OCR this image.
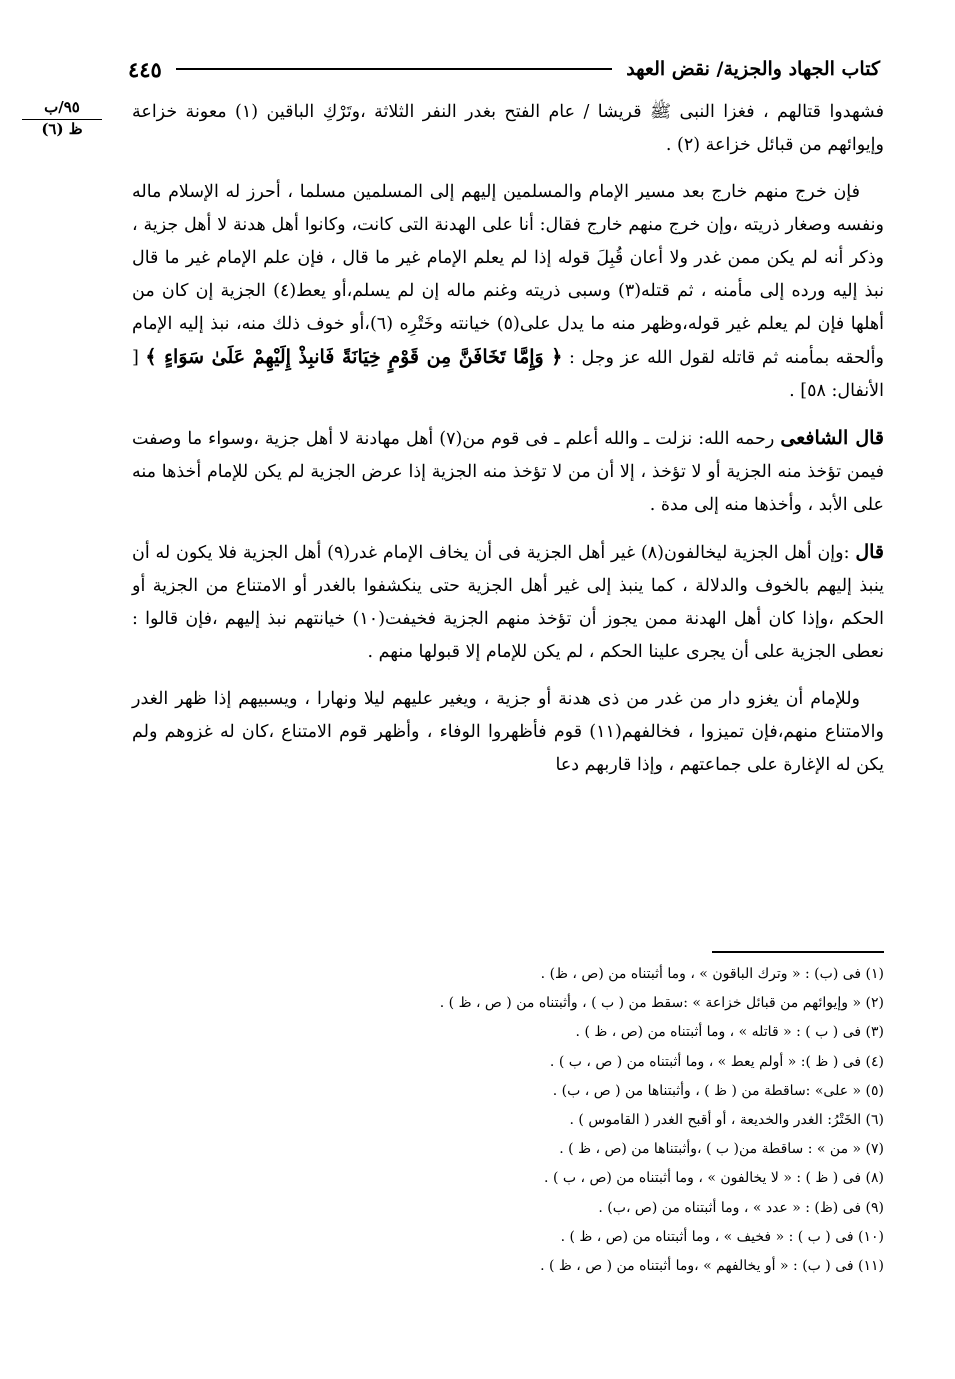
كتاب الجهاد والجزية/ نقض العهد
٤٤٥
٩٥/ب
ظ (٦)

فشهدوا قتالهم ، فغزا النبى ﷺ قريشا / عام الفتح بغدر النفر الثلاثة ،وتَرْكِ الباقين (١) معونة خزاعة وإيوائهم من قبائل خزاعة (٢) .

فإن خرج منهم خارج بعد مسير الإمام والمسلمين إليهم إلى المسلمين مسلما ، أحرز له الإسلام ماله ونفسه وصغار ذريته ،وإن خرج منهم خارج فقال: أنا على الهدنة التى كانت، وكانوا أهل هدنة لا أهل جزية ، وذكر أنه لم يكن ممن غدر ولا أعان قُبِلَ قوله إذا لم يعلم الإمام غير ما قال ، فإن علم الإمام غير ما قال نبذ إليه ورده إلى مأمنه ، ثم قتله(٣) وسبى ذريته وغنم ماله إن لم يسلم،أو يعط(٤) الجزية إن كان من أهلها فإن لم يعلم غير قوله،وظهر منه ما يدل على(٥) خيانته وخَتْرِه (٦)،أو خوف ذلك منه، نبذ إليه الإمام وألحقه بمأمنه ثم قاتله لقول الله عز وجل : ﴿ وَإِمَّا تَخَافَنَّ مِن قَوْمٍ خِيَانَةً فَانبِذْ إِلَيْهِمْ عَلَىٰ سَوَاءٍ ﴾ [ الأنفال: ٥٨] .

قال الشافعى رحمه الله: نزلت ـ والله أعلم ـ فى قوم من(٧) أهل مهادنة لا أهل جزية ،وسواء ما وصفت فيمن تؤخذ منه الجزية أو لا تؤخذ ، إلا أن من لا تؤخذ منه الجزية إذا عرض الجزية لم يكن للإمام أخذها منه على الأبد ، وأخذها منه إلى مدة .

قال :وإن أهل الجزية ليخالفون(٨) غير أهل الجزية فى أن يخاف الإمام غدر(٩) أهل الجزية فلا يكون له أن ينبذ إليهم بالخوف والدلالة ، كما ينبذ إلى غير أهل الجزية حتى ينكشفوا بالغدر أو الامتناع من الجزية أو الحكم ،وإذا كان أهل الهدنة ممن يجوز أن تؤخذ منهم الجزية فخيفت(١٠) خيانتهم نبذ إليهم ،فإن قالوا : نعطى الجزية على أن يجرى علينا الحكم ، لم يكن للإمام إلا قبولها منهم .

وللإمام أن يغزو دار من غدر من ذى هدنة أو جزية ، ويغير عليهم ليلا ونهارا ، ويسبيهم إذا ظهر الغدر والامتناع منهم،فإن تميزوا ، فخالفهم(١١) قوم فأظهروا الوفاء ، وأظهر قوم الامتناع ،كان له غزوهم ولم يكن له الإغارة على جماعتهم ، وإذا قاربهم دعا

(١) فى (ب) : « وترك الباقون » ، وما أثبتناه من (ص ، ظ) .
(٢) « وإيوائهم من قبائل خزاعة » :سقط من ( ب ) ، وأثبتناه من ( ص ، ظ ) .
(٣) فى ( ب ) : « قاتله » ، وما أثبتناه من (ص ، ظ ) .
(٤) فى ( ظ ): « أولم يعط » ، وما أثبتناه من ( ص ، ب ) .
(٥) « على» :ساقطة من ( ظ ) ، وأثبتناها من ( ص ، ب) .
(٦) الخَتْرُ: الغدر والخديعة ، أو أقبح الغدر ( القاموس ) .
(٧) « من » : ساقطة من( ب ) ،وأثبتناها من (ص ، ظ ) .
(٨) فى ( ظ ) : « لا يخالفون » ، وما أثبتناه من (ص ، ب ) .
(٩) فى (ظ) : « عدد » ، وما أثبتناه من (ص ،ب) .
(١٠) فى ( ب ) : « فخيف » ، وما أثبتناه من (ص ، ظ ) .
(١١) فى ( ب) : « أو يخالفهم » ،وما أثبتناه من ( ص ، ظ ) .
